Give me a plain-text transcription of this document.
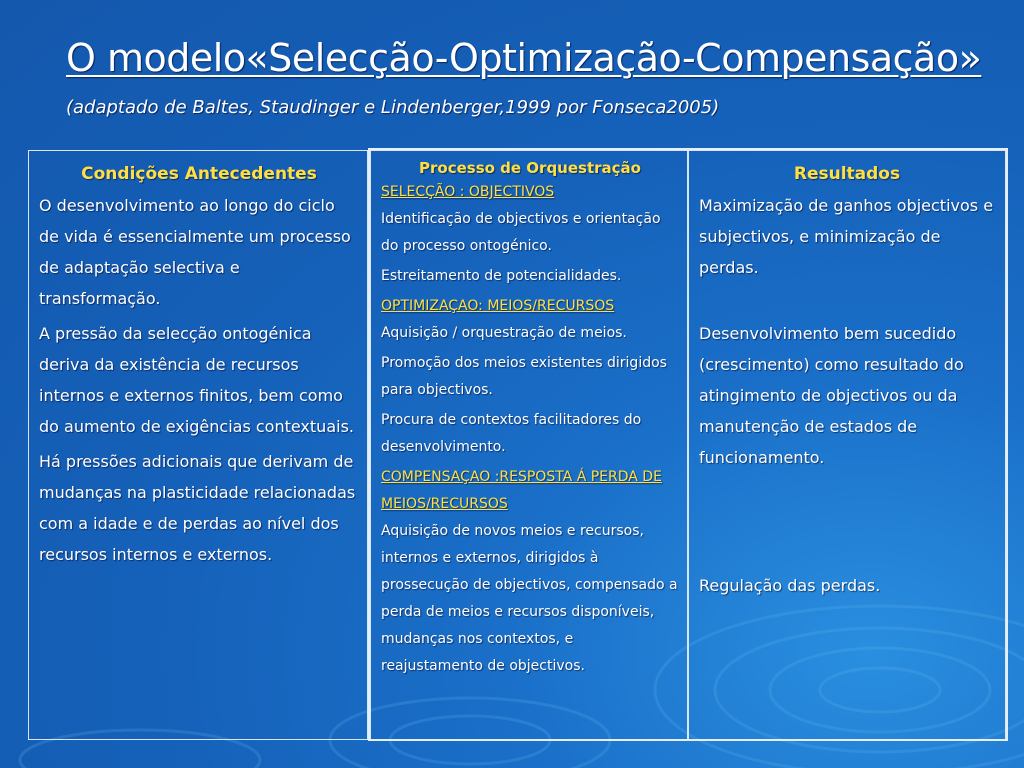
O modelo«Selecção-Optimização-Compensação»
(adaptado de Baltes, Staudinger e Lindenberger,1999 por Fonseca2005)
Condições Antecedentes

O desenvolvimento ao longo do ciclo de vida é essencialmente um processo de adaptação selectiva e transformação.

A pressão da selecção ontogénica deriva da existência de recursos internos e externos finitos, bem como do aumento de exigências contextuais.

Há pressões adicionais que derivam de mudanças na plasticidade relacionadas com a idade e de perdas ao nível dos recursos internos e externos.

Processo de Orquestração
SELECÇÃO : OBJECTIVOS

Identificação de objectivos e orientação do processo ontogénico.

Estreitamento de potencialidades.

OPTIMIZAÇAO: MEIOS/RECURSOS

Aquisição / orquestração de meios.

Promoção dos meios existentes dirigidos para objectivos.

Procura de contextos facilitadores do desenvolvimento.

COMPENSAÇAO :RESPOSTA Á PERDA DE MEIOS/RECURSOS

Aquisição de novos meios e recursos, internos e externos, dirigidos à prossecução de objectivos, compensado a perda de meios e recursos disponíveis, mudanças nos contextos, e reajustamento de objectivos.

Resultados

Maximização de ganhos objectivos e subjectivos, e minimização de perdas.

Desenvolvimento bem sucedido (crescimento) como resultado do atingimento de objectivos ou da manutenção de estados de funcionamento.

Regulação das perdas.
